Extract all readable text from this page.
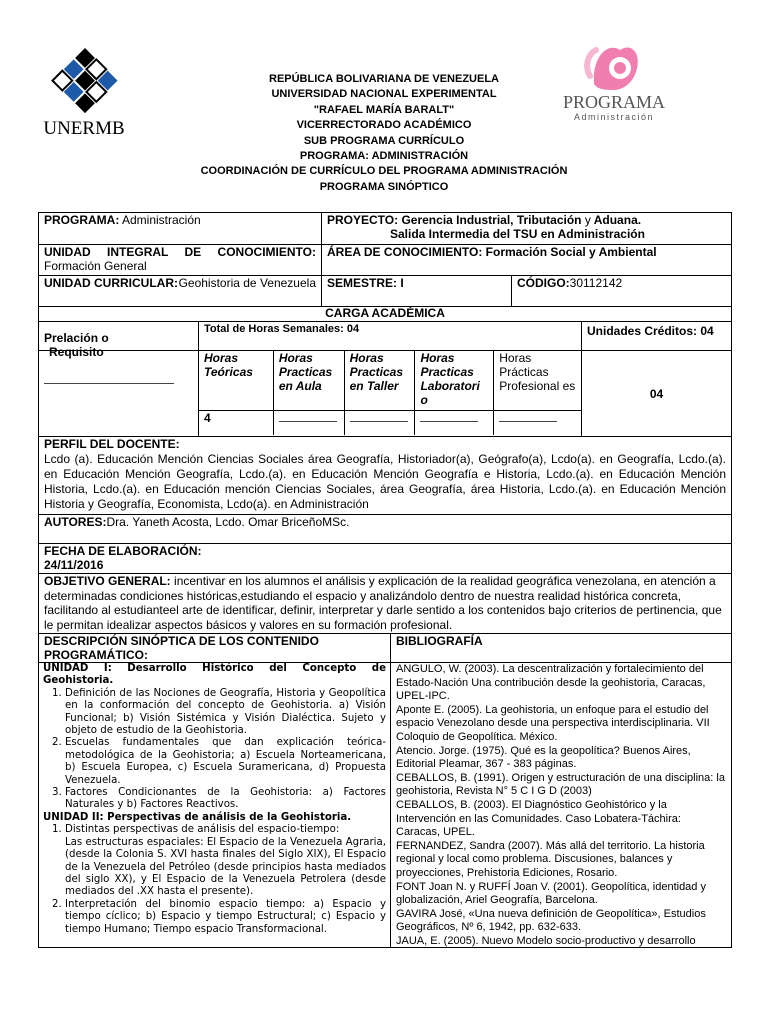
UNERMB
PROGRAMA
Administración
REPÚBLICA BOLIVARIANA DE VENEZUELA
UNIVERSIDAD NACIONAL EXPERIMENTAL
"RAFAEL MARÍA BARALT"
VICERRECTORADO ACADÉMICO
SUB PROGRAMA CURRÍCULO
PROGRAMA: ADMINISTRACIÓN
COORDINACIÓN DE CURRÍCULO DEL PROGRAMA ADMINISTRACIÓN
PROGRAMA SINÓPTICO
PROGRAMA: Administración	PROYECTO: Gerencia Industrial, Tributación y Aduana.
Salida Intermedia del TSU en Administración
UNIDAD INTEGRAL DE CONOCIMIENTO:
Formación General
ÁREA DE CONOCIMIENTO: Formación Social y Ambiental
UNIDAD CURRICULAR: Geohistoria de Venezuela SEMESTRE: I	CÓDIGO:30112142
CARGA ACADÉMICA
Prelación o
Requisito
Total de Horas Semanales: 04
Horas Teóricas
Horas Practicas en Aula
Horas Practicas en Taller
Horas Practicas Laboratori o
Horas Prácticas Profesional es
4
Unidades Créditos: 04
04
PERFIL DEL DOCENTE:
Lcdo (a). Educación Mención Ciencias Sociales área Geografía, Historiador(a), Geógrafo(a), Lcdo(a). en Geografía, Lcdo.(a). en Educación Mención Geografía, Lcdo.(a). en Educación Mención Geografía e Historia, Lcdo.(a). en Educación Mención Historia, Lcdo.(a). en Educación mención Ciencias Sociales, área Geografía, área Historia, Lcdo.(a). en Educación Mención Historia y Geografía, Economista, Lcdo(a). en Administración
AUTORES:Dra. Yaneth Acosta, Lcdo. Omar BriceñoMSc.
FECHA DE ELABORACIÓN:
24/11/2016
OBJETIVO GENERAL: incentivar en los alumnos el análisis y explicación de la realidad geográfica venezolana, en atención a determinadas condiciones históricas,estudiando el espacio y analizándolo dentro de nuestra realidad histórica concreta, facilitando al estudianteel arte de identificar, definir, interpretar y darle sentido a los contenidos bajo criterios de pertinencia, que le permitan idealizar aspectos básicos y valores en su formación profesional.
DESCRIPCIÓN SINÓPTICA DE LOS CONTENIDO PROGRAMÁTICO:
BIBLIOGRAFÍA

UNIDAD I: Desarrollo Histórico del Concepto de Geohistoria.

1. Definición de las Nociones de Geografía, Historia y Geopolítica en la conformación del concepto de Geohistoria. a) Visión Funcional; b) Visión Sistémica y Visión Dialéctica. Sujeto y objeto de estudio de la Geohistoria.
2. Escuelas fundamentales que dan explicación teórica-metodológica de la Geohistoria; a) Escuela Norteamericana, b) Escuela Europea, c) Escuela Suramericana, d) Propuesta Venezuela.
3. Factores Condicionantes de la Geohistoria: a) Factores Naturales y b) Factores Reactivos.

UNIDAD II: Perspectivas de análisis de la Geohistoria.

1. Distintas perspectivas de análisis del espacio-tiempo:
Las estructuras espaciales: El Espacio de la Venezuela Agraria, (desde la Colonia S. XVI hasta finales del Siglo XIX), El Espacio de la Venezuela del Petróleo (desde principios hasta mediados del siglo XX), y El Espacio de la Venezuela Petrolera (desde mediados del .XX hasta el presente).
2. Interpretación del binomio espacio tiempo: a) Espacio y tiempo cíclico; b) Espacio y tiempo Estructural; c) Espacio y tiempo Humano; Tiempo espacio Transformacional.

ANGULO, W. (2003). La descentralización y fortalecimiento del Estado-Nación Una contribución desde la geohistoria, Caracas, UPEL-IPC.

Aponte E. (2005). La geohistoria, un enfoque para el estudio del espacio Venezolano desde una perspectiva interdisciplinaria. VII Coloquio de Geopolítica. México.

Atencio. Jorge. (1975). Qué es la geopolítica? Buenos Aires, Editorial Pleamar, 367 - 383 páginas.

CEBALLOS, B. (1991). Origen y estructuración de una disciplina: la geohistoria, Revista N° 5 C I G D (2003)

CEBALLOS, B. (2003). El Diagnóstico Geohistórico y la Intervención en las Comunidades. Caso Lobatera-Táchira: Caracas, UPEL.

FERNANDEZ, Sandra (2007). Más allá del territorio. La historia regional y local como problema. Discusiones, balances y proyecciones, Prehistoria Ediciones, Rosario.

FONT Joan N. y RUFFÍ Joan V. (2001). Geopolítica, identidad y globalización, Ariel Geografía, Barcelona.

GAVIRA José, «Una nueva definición de Geopolítica», Estudios Geográficos, Nº 6, 1942, pp. 632-633.

JAUA, E. (2005). Nuevo Modelo socio-productivo y desarrollo
